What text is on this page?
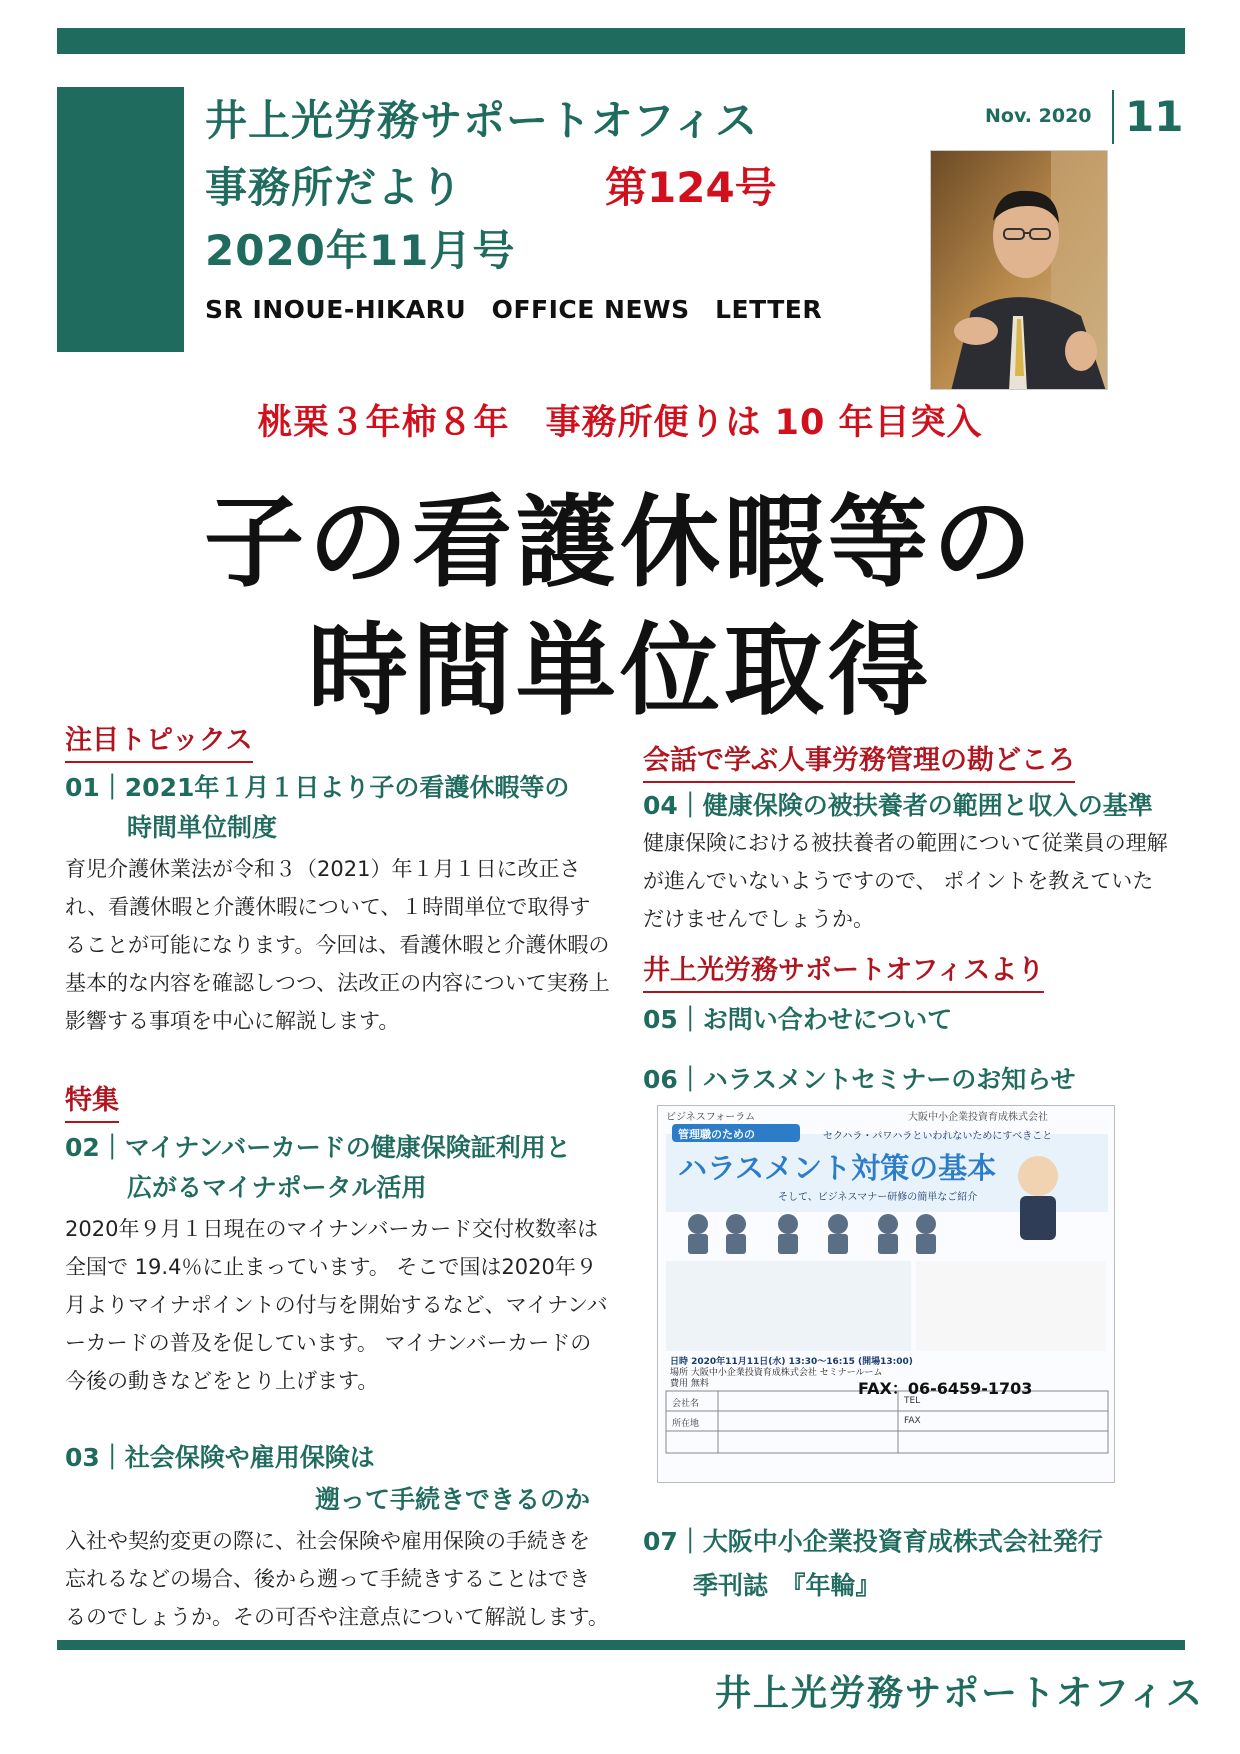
井上光労務サポートオフィス
事務所だより	第124号
2020年11月号
SR INOUE-HIKARU　OFFICE NEWS　LETTER
Nov. 2020 11
桃栗３年柿８年　事務所便りは 10 年目突入
子の看護休暇等の
時間単位取得
注目トピックス
01｜2021年１月１日より子の看護休暇等の
時間単位制度
育児介護休業法が令和３（2021）年１月１日に改正され、看護休暇と介護休暇について、１時間単位で取得することが可能になります。今回は、看護休暇と介護休暇の基本的な内容を確認しつつ、法改正の内容について実務上影響する事項を中心に解説します。
特集
02｜マイナンバーカードの健康保険証利用と
広がるマイナポータル活用
2020年９月１日現在のマイナンバーカード交付枚数率は全国で 19.4％に止まっています。 そこで国は2020年９月よりマイナポイントの付与を開始するなど、マイナンバーカードの普及を促しています。 マイナンバーカードの今後の動きなどをとり上げます。
03｜社会保険や雇用保険は
遡って手続きできるのか
入社や契約変更の際に、社会保険や雇用保険の手続きを忘れるなどの場合、後から遡って手続きすることはできるのでしょうか。その可否や注意点について解説します。
会話で学ぶ人事労務管理の勘どころ
04｜健康保険の被扶養者の範囲と収入の基準
健康保険における被扶養者の範囲について従業員の理解が進んでいないようですので、 ポイントを教えていただけませんでしょうか。
井上光労務サポートオフィスより
05｜お問い合わせについて
06｜ハラスメントセミナーのお知らせ
ビジネスフォーラム	大阪中小企業投資育成株式会社
管理職のための	セクハラ・パワハラといわれないためにすべきこと
ハラスメント対策の基本
そして、ビジネスマナー研修の簡単なご紹介
日時 2020年11月11日(水) 13:30〜16:15 (開場13:00)
場所 大阪中小企業投資育成株式会社 セミナールーム
費用 無料	FAX：06-6459-1703
会社名	TEL
所在地	FAX
07｜大阪中小企業投資育成株式会社発行
季刊誌　『年輪』
井上光労務サポートオフィス
